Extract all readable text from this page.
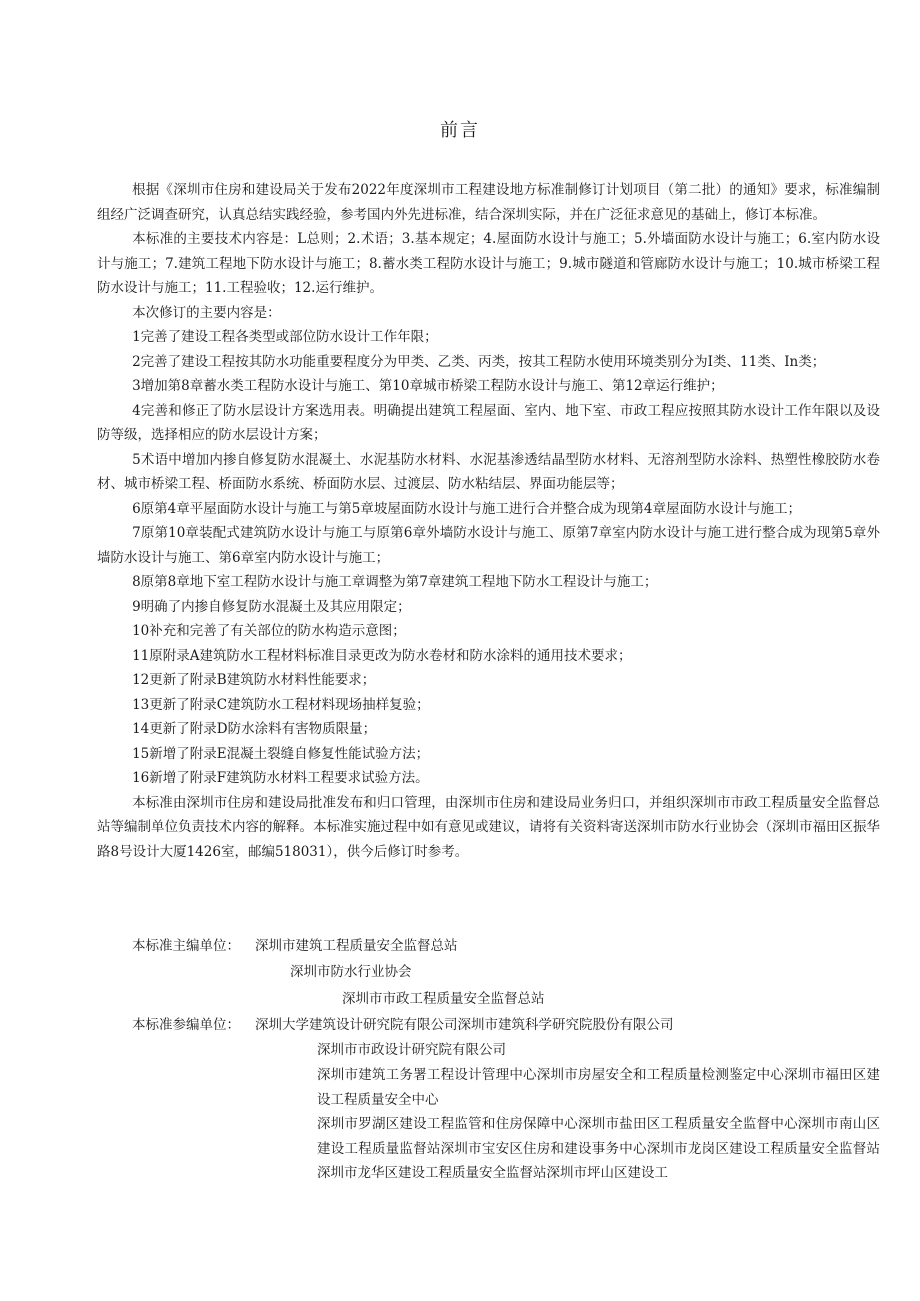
前言

根据《深圳市住房和建设局关于发布2022年度深圳市工程建设地方标准制修订计划项目（第二批）的通知》要求，标准编制组经广泛调查研究，认真总结实践经验，参考国内外先进标准，结合深圳实际，并在广泛征求意见的基础上，修订本标准。

本标准的主要技术内容是：L总则；2.术语；3.基本规定；4.屋面防水设计与施工；5.外墙面防水设计与施工；6.室内防水设计与施工；7.建筑工程地下防水设计与施工；8.蓄水类工程防水设计与施工；9.城市隧道和管廊防水设计与施工；10.城市桥梁工程防水设计与施工；11.工程验收；12.运行维护。

本次修订的主要内容是：

1完善了建设工程各类型或部位防水设计工作年限；

2完善了建设工程按其防水功能重要程度分为甲类、乙类、丙类，按其工程防水使用环境类别分为I类、11类、In类；

3增加第8章蓄水类工程防水设计与施工、第10章城市桥梁工程防水设计与施工、第12章运行维护；

4完善和修正了防水层设计方案选用表。明确提出建筑工程屋面、室内、地下室、市政工程应按照其防水设计工作年限以及设防等级，选择相应的防水层设计方案；

5术语中增加内掺自修复防水混凝土、水泥基防水材料、水泥基渗透结晶型防水材料、无溶剂型防水涂料、热塑性橡胶防水卷材、城市桥梁工程、桥面防水系统、桥面防水层、过渡层、防水粘结层、界面功能层等；

6原第4章平屋面防水设计与施工与第5章坡屋面防水设计与施工进行合并整合成为现第4章屋面防水设计与施工；

7原第10章装配式建筑防水设计与施工与原第6章外墙防水设计与施工、原第7章室内防水设计与施工进行整合成为现第5章外墙防水设计与施工、第6章室内防水设计与施工；

8原第8章地下室工程防水设计与施工章调整为第7章建筑工程地下防水工程设计与施工；

9明确了内掺自修复防水混凝土及其应用限定；

10补充和完善了有关部位的防水构造示意图；

11原附录A建筑防水工程材料标准目录更改为防水卷材和防水涂料的通用技术要求；

12更新了附录B建筑防水材料性能要求；

13更新了附录C建筑防水工程材料现场抽样复验；

14更新了附录D防水涂料有害物质限量；

15新增了附录E混凝土裂缝自修复性能试验方法；

16新增了附录F建筑防水材料工程要求试验方法。

本标准由深圳市住房和建设局批准发布和归口管理，由深圳市住房和建设局业务归口，并组织深圳市市政工程质量安全监督总站等编制单位负责技术内容的解释。本标准实施过程中如有意见或建议，请将有关资料寄送深圳市防水行业协会（深圳市福田区振华路8号设计大厦1426室，邮编518031），供今后修订时参考。

本标准主编单位： 深圳市建筑工程质量安全监督总站
深圳市防水行业协会
深圳市市政工程质量安全监督总站
本标准参编单位： 深圳大学建筑设计研究院有限公司深圳市建筑科学研究院股份有限公司
深圳市市政设计研究院有限公司
深圳市建筑工务署工程设计管理中心深圳市房屋安全和工程质量检测鉴定中心深圳市福田区建设工程质量安全中心
深圳市罗湖区建设工程监管和住房保障中心深圳市盐田区工程质量安全监督中心深圳市南山区建设工程质量监督站深圳市宝安区住房和建设事务中心深圳市龙岗区建设工程质量安全监督站深圳市龙华区建设工程质量安全监督站深圳市坪山区建设工
